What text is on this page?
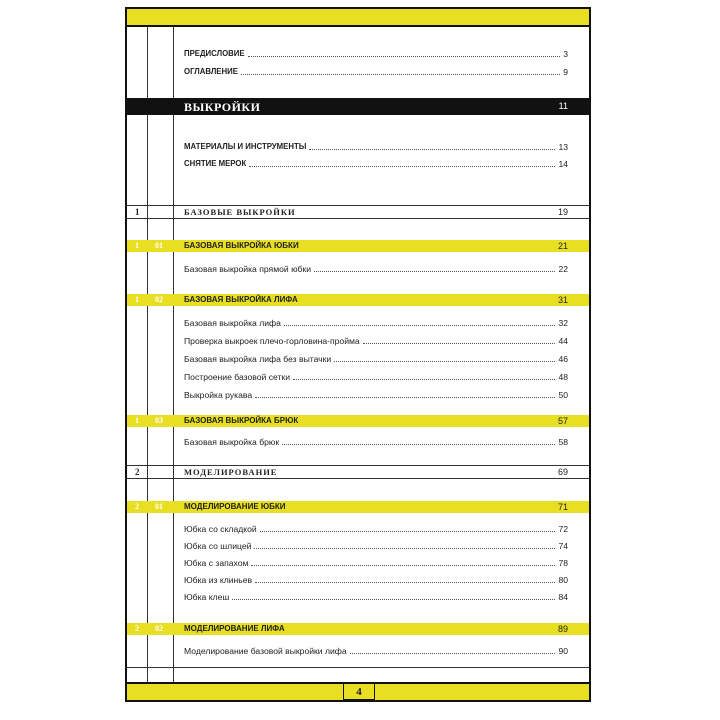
ПРЕДИСЛОВИЕ	3
ОГЛАВЛЕНИЕ	9
ВЫКРОЙКИ	11
МАТЕРИАЛЫ И ИНСТРУМЕНТЫ	13
СНЯТИЕ МЕРОК	14
1	БАЗОВЫЕ ВЫКРОЙКИ	19
1 01	БАЗОВАЯ ВЫКРОЙКА ЮБКИ	21
Базовая выкройка прямой юбки	22
1 02	БАЗОВАЯ ВЫКРОЙКА ЛИФА	31
Базовая выкройка лифа	32
Проверка выкроек плечо-горловина-пройма	44
Базовая выкройка лифа без вытачки	46
Построение базовой сетки	48
Выкройка рукава	50
1 03	БАЗОВАЯ ВЫКРОЙКА БРЮК	57
Базовая выкройка брюк	58
2	МОДЕЛИРОВАНИЕ	69
2 01	МОДЕЛИРОВАНИЕ ЮБКИ	71
Юбка со складкой	72
Юбка со шлицей	74
Юбка с запахом	78
Юбка из клиньев	80
Юбка клеш	84
2 02	МОДЕЛИРОВАНИЕ ЛИФА	89
Моделирование базовой выкройки лифа	90
4
